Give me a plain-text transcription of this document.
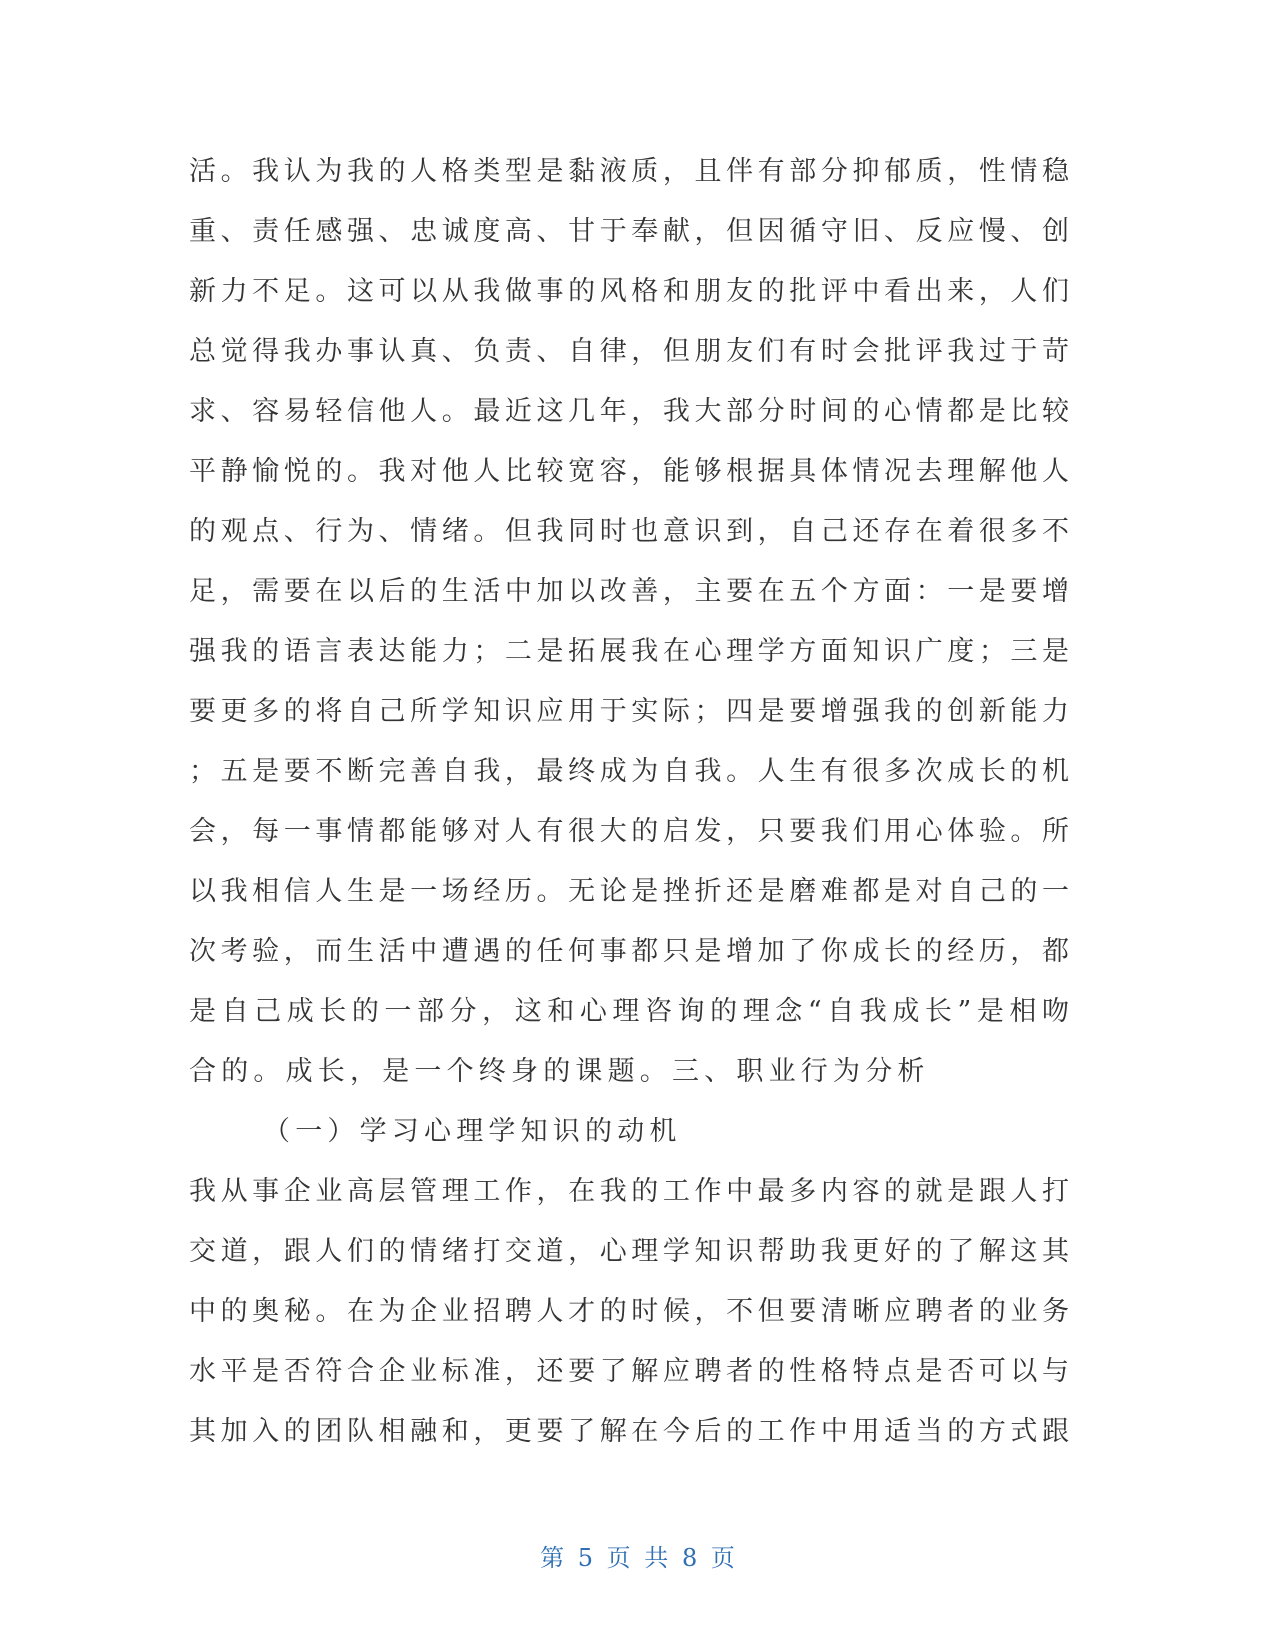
活。我认为我的人格类型是黏液质，且伴有部分抑郁质，性情稳
重、责任感强、忠诚度高、甘于奉献，但因循守旧、反应慢、创
新力不足。这可以从我做事的风格和朋友的批评中看出来，人们
总觉得我办事认真、负责、自律，但朋友们有时会批评我过于苛
求、容易轻信他人。最近这几年，我大部分时间的心情都是比较
平静愉悦的。我对他人比较宽容，能够根据具体情况去理解他人
的观点、行为、情绪。但我同时也意识到，自己还存在着很多不
足，需要在以后的生活中加以改善，主要在五个方面：一是要增
强我的语言表达能力；二是拓展我在心理学方面知识广度；三是
要更多的将自己所学知识应用于实际；四是要增强我的创新能力
；五是要不断完善自我，最终成为自我。人生有很多次成长的机
会，每一事情都能够对人有很大的启发，只要我们用心体验。所
以我相信人生是一场经历。无论是挫折还是磨难都是对自己的一
次考验，而生活中遭遇的任何事都只是增加了你成长的经历，都
是自己成长的一部分，这和心理咨询的理念“自我成长”是相吻
合的。成长，是一个终身的课题。三、职业行为分析
（一）学习心理学知识的动机
我从事企业高层管理工作，在我的工作中最多内容的就是跟人打
交道，跟人们的情绪打交道，心理学知识帮助我更好的了解这其
中的奥秘。在为企业招聘人才的时候，不但要清晰应聘者的业务
水平是否符合企业标准，还要了解应聘者的性格特点是否可以与
其加入的团队相融和，更要了解在今后的工作中用适当的方式跟
第 5 页 共 8 页
